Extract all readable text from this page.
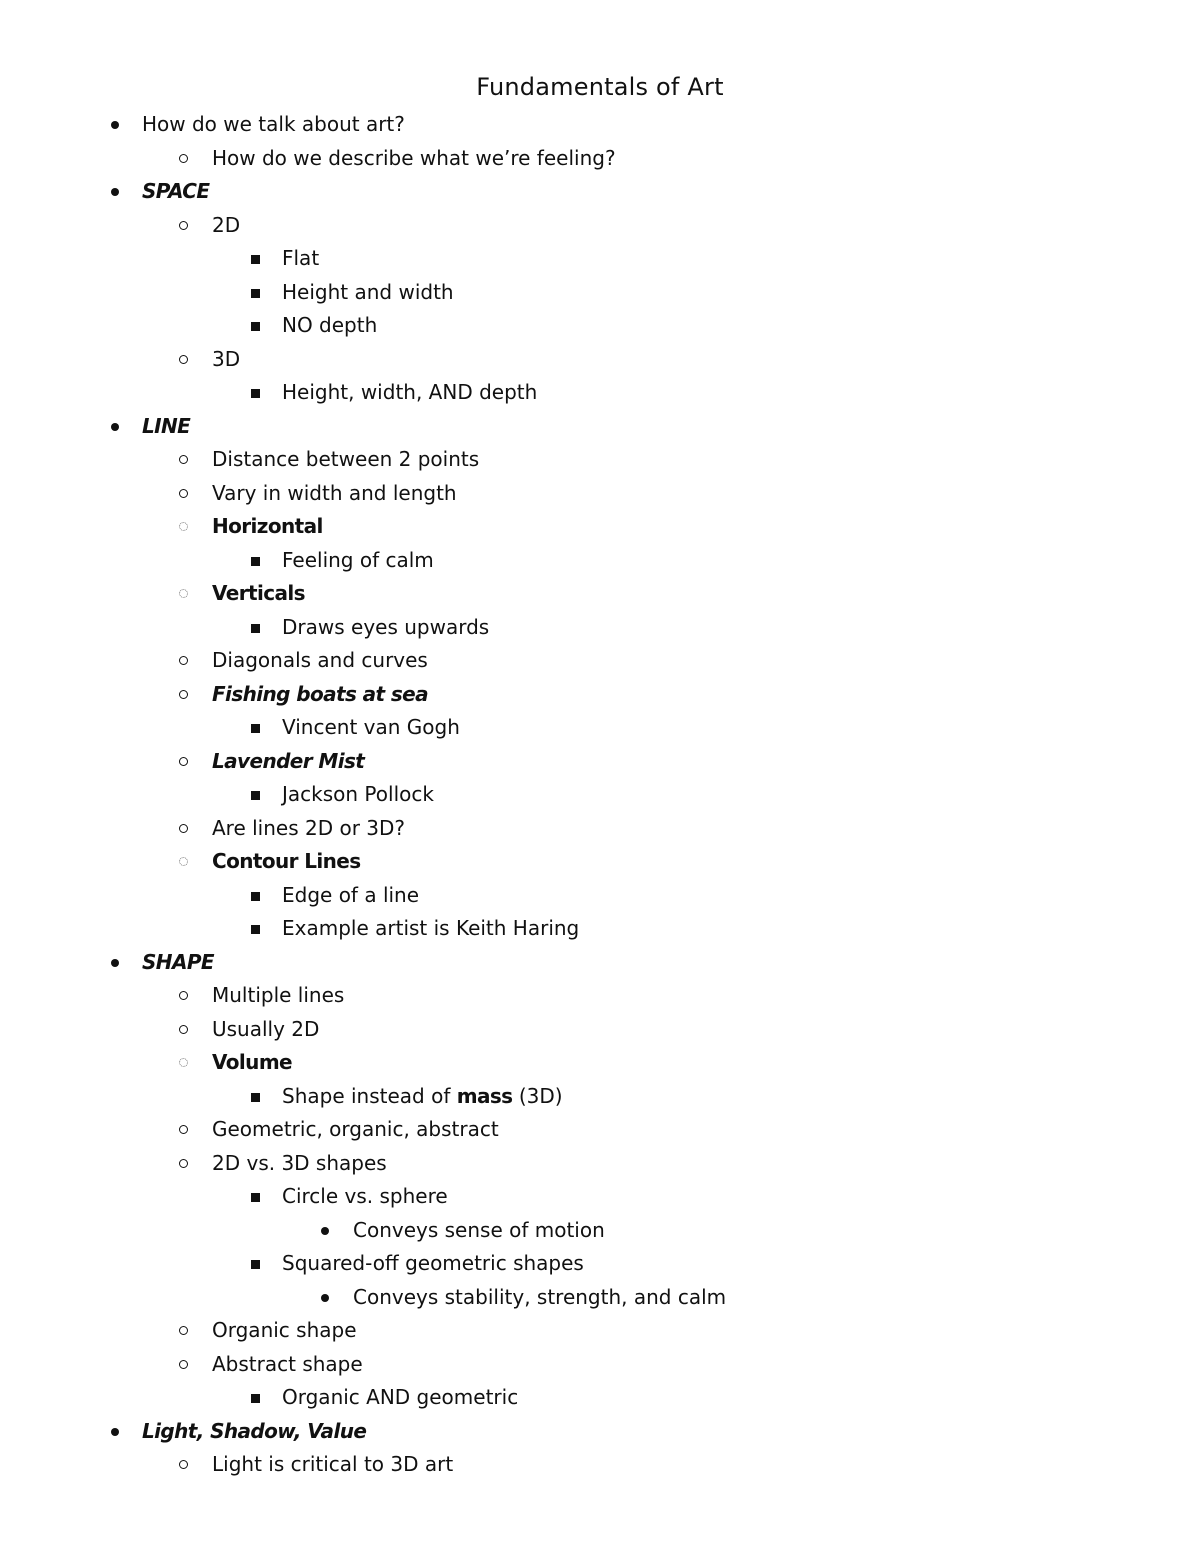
Fundamentals of Art
How do we talk about art?
How do we describe what we’re feeling?
SPACE
2D
Flat
Height and width
NO depth
3D
Height, width, AND depth
LINE
Distance between 2 points
Vary in width and length
Horizontal
Feeling of calm
Verticals
Draws eyes upwards
Diagonals and curves
Fishing boats at sea
Vincent van Gogh
Lavender Mist
Jackson Pollock
Are lines 2D or 3D?
Contour Lines
Edge of a line
Example artist is Keith Haring
SHAPE
Multiple lines
Usually 2D
Volume
Shape instead of mass (3D)
Geometric, organic, abstract
2D vs. 3D shapes
Circle vs. sphere
Conveys sense of motion
Squared-off geometric shapes
Conveys stability, strength, and calm
Organic shape
Abstract shape
Organic AND geometric
Light, Shadow, Value
Light is critical to 3D art
